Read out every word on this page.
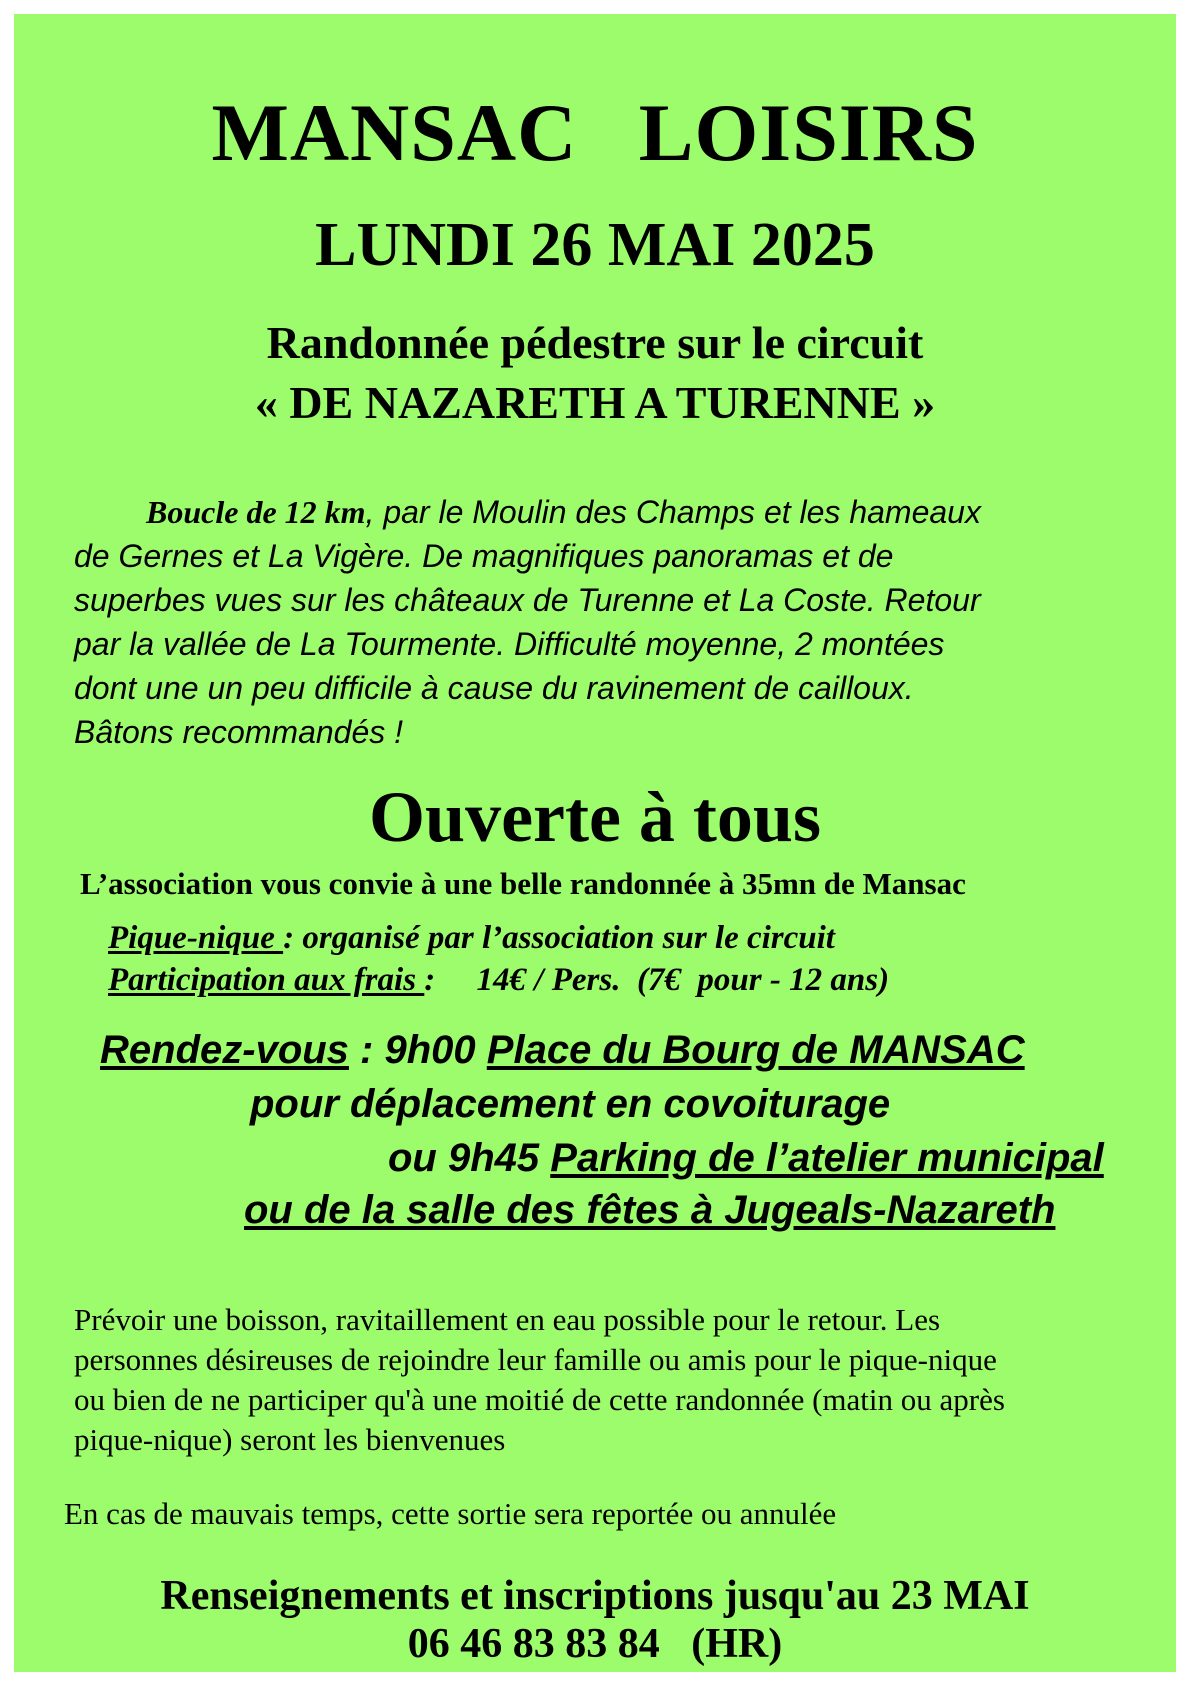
MANSAC LOISIRS
LUNDI 26 MAI 2025
Randonnée pédestre sur le circuit
« DE NAZARETH A TURENNE »

Boucle de 12 km, par le Moulin des Champs et les hameaux
de Gernes et La Vigère. De magnifiques panoramas et de
superbes vues sur les châteaux de Turenne et La Coste. Retour
par la vallée de La Tourmente. Difficulté moyenne, 2 montées
dont une un peu difficile à cause du ravinement de cailloux.
Bâtons recommandés !

Ouverte à tous
L’association vous convie à une belle randonnée à 35mn de Mansac
Pique-nique : organisé par l’association sur le circuit
Participation aux frais :     14€ / Pers.  (7€  pour - 12 ans)
Rendez-vous : 9h00 Place du Bourg de MANSAC
pour déplacement en covoiturage
ou 9h45 Parking de l’atelier municipal
ou de la salle des fêtes à Jugeals-Nazareth

Prévoir une boisson, ravitaillement en eau possible pour le retour. Les
personnes désireuses de rejoindre leur famille ou amis pour le pique-nique
ou bien de ne participer qu'à une moitié de cette randonnée (matin ou après
pique-nique) seront les bienvenues

En cas de mauvais temps, cette sortie sera reportée ou annulée
Renseignements et inscriptions jusqu'au 23 MAI
06 46 83 83 84   (HR)
